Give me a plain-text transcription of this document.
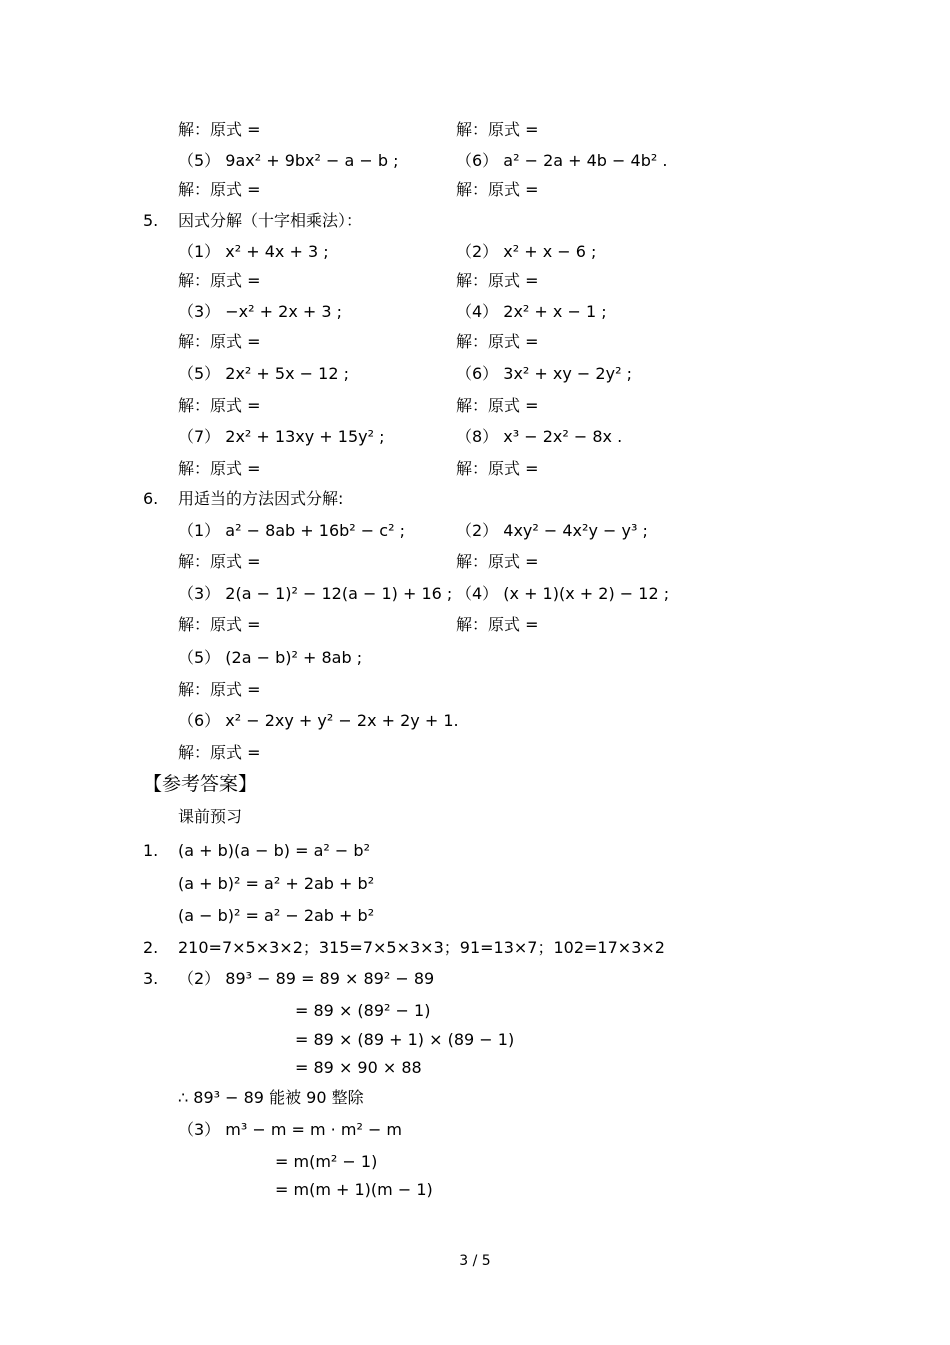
解：原式 =	解：原式 =
（5） 9ax² + 9bx² − a − b ;	（6） a² − 2a + 4b − 4b² .
解：原式 =	解：原式 =
5. 因式分解（十字相乘法）：
（1） x² + 4x + 3 ;	（2） x² + x − 6 ;
解：原式 =	解：原式 =
（3） −x² + 2x + 3 ;	（4） 2x² + x − 1 ;
解：原式 =	解：原式 =
（5） 2x² + 5x − 12 ;	（6） 3x² + xy − 2y² ;
解：原式 =	解：原式 =
（7） 2x² + 13xy + 15y² ;	（8） x³ − 2x² − 8x .
解：原式 =	解：原式 =
6. 用适当的方法因式分解:
（1） a² − 8ab + 16b² − c² ;	（2） 4xy² − 4x²y − y³ ;
解：原式 =	解：原式 =
（3） 2(a − 1)² − 12(a − 1) + 16 ; （4） (x + 1)(x + 2) − 12 ;
解：原式 =	解：原式 =
（5） (2a − b)² + 8ab ;
解：原式 =
（6） x² − 2xy + y² − 2x + 2y + 1.
解：原式 =
【参考答案】
课前预习
1. (a + b)(a − b) = a² − b²
(a + b)² = a² + 2ab + b²
(a − b)² = a² − 2ab + b²
2. 210=7×5×3×2；315=7×5×3×3；91=13×7；102=17×3×2
3. （2） 89³ − 89 = 89 × 89² − 89
= 89 × (89² − 1)
= 89 × (89 + 1) × (89 − 1)
= 89 × 90 × 88
∴ 89³ − 89 能被 90 整除
（3） m³ − m = m · m² − m
= m(m² − 1)
= m(m + 1)(m − 1)
3 / 5
